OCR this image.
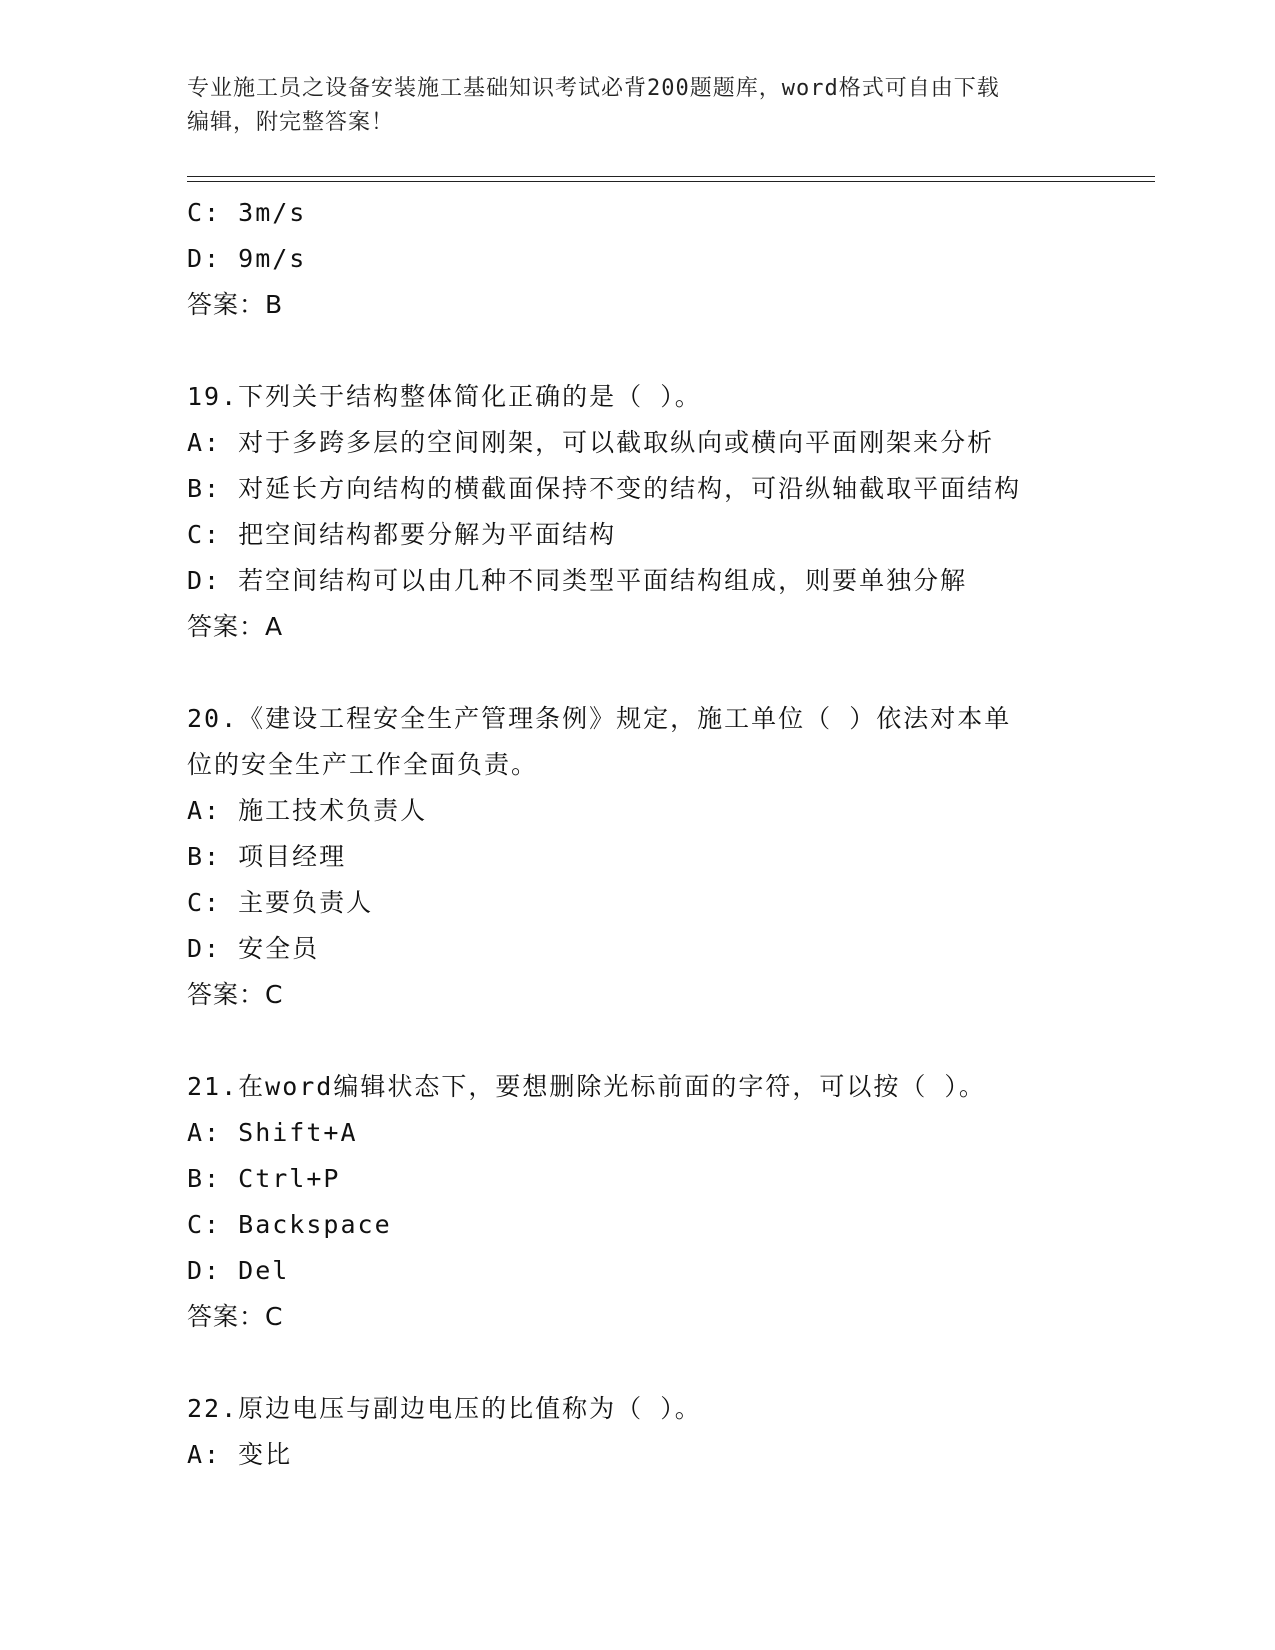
专业施工员之设备安装施工基础知识考试必背200题题库，word格式可自由下载
编辑，附完整答案！
C: 3m/s
D: 9m/s
答案：B
19.下列关于结构整体简化正确的是（ ）。
A: 对于多跨多层的空间刚架，可以截取纵向或横向平面刚架来分析
B: 对延长方向结构的横截面保持不变的结构，可沿纵轴截取平面结构
C: 把空间结构都要分解为平面结构
D: 若空间结构可以由几种不同类型平面结构组成，则要单独分解
答案：A
20.《建设工程安全生产管理条例》规定，施工单位（ ）依法对本单
位的安全生产工作全面负责。
A: 施工技术负责人
B: 项目经理
C: 主要负责人
D: 安全员
答案：C
21.在word编辑状态下，要想删除光标前面的字符，可以按（ ）。
A: Shift+A
B: Ctrl+P
C: Backspace
D: Del
答案：C
22.原边电压与副边电压的比值称为（ ）。
A: 变比
